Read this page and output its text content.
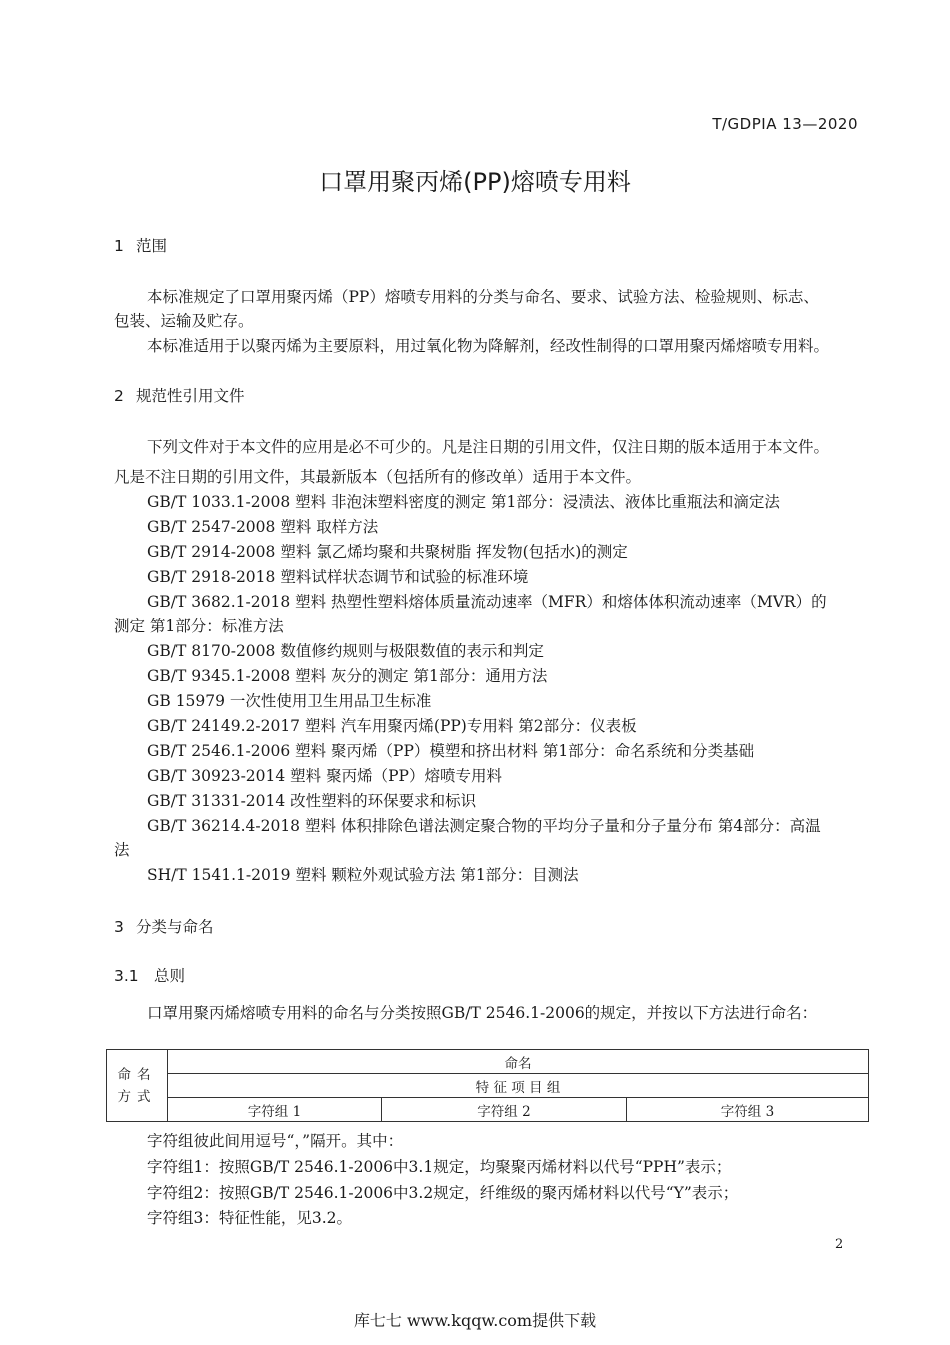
T/GDPIA 13—2020
口罩用聚丙烯(PP)熔喷专用料
1 范围
本标准规定了口罩用聚丙烯（PP）熔喷专用料的分类与命名、要求、试验方法、检验规则、标志、
包装、运输及贮存。
本标准适用于以聚丙烯为主要原料，用过氧化物为降解剂，经改性制得的口罩用聚丙烯熔喷专用料。
2 规范性引用文件
下列文件对于本文件的应用是必不可少的。凡是注日期的引用文件，仅注日期的版本适用于本文件。
凡是不注日期的引用文件，其最新版本（包括所有的修改单）适用于本文件。
GB/T 1033.1-2008 塑料 非泡沫塑料密度的测定 第1部分：浸渍法、液体比重瓶法和滴定法
GB/T 2547-2008 塑料 取样方法
GB/T 2914-2008 塑料 氯乙烯均聚和共聚树脂 挥发物(包括水)的测定
GB/T 2918-2018 塑料试样状态调节和试验的标准环境
GB/T 3682.1-2018 塑料 热塑性塑料熔体质量流动速率（MFR）和熔体体积流动速率（MVR）的
测定 第1部分：标准方法
GB/T 8170-2008 数值修约规则与极限数值的表示和判定
GB/T 9345.1-2008 塑料 灰分的测定 第1部分：通用方法
GB 15979 一次性使用卫生用品卫生标准
GB/T 24149.2-2017 塑料 汽车用聚丙烯(PP)专用料 第2部分：仪表板
GB/T 2546.1-2006 塑料 聚丙烯（PP）模塑和挤出材料 第1部分：命名系统和分类基础
GB/T 30923-2014 塑料 聚丙烯（PP）熔喷专用料
GB/T 31331-2014 改性塑料的环保要求和标识
GB/T 36214.4-2018 塑料 体积排除色谱法测定聚合物的平均分子量和分子量分布 第4部分：高温
法
SH/T 1541.1-2019 塑料 颗粒外观试验方法 第1部分：目测法
3 分类与命名
3.1 总则
口罩用聚丙烯熔喷专用料的命名与分类按照GB/T 2546.1-2006的规定，并按以下方法进行命名：
命名
方式	命名		
	特 征 项 目 组		
	字符组 1	字符组 2	字符组 3
字符组彼此间用逗号“，”隔开。其中：
字符组1：按照GB/T 2546.1-2006中3.1规定，均聚聚丙烯材料以代号“PPH”表示；
字符组2：按照GB/T 2546.1-2006中3.2规定，纤维级的聚丙烯材料以代号“Y”表示；
字符组3：特征性能，见3.2。
2
库七七 www.kqqw.com提供下载
